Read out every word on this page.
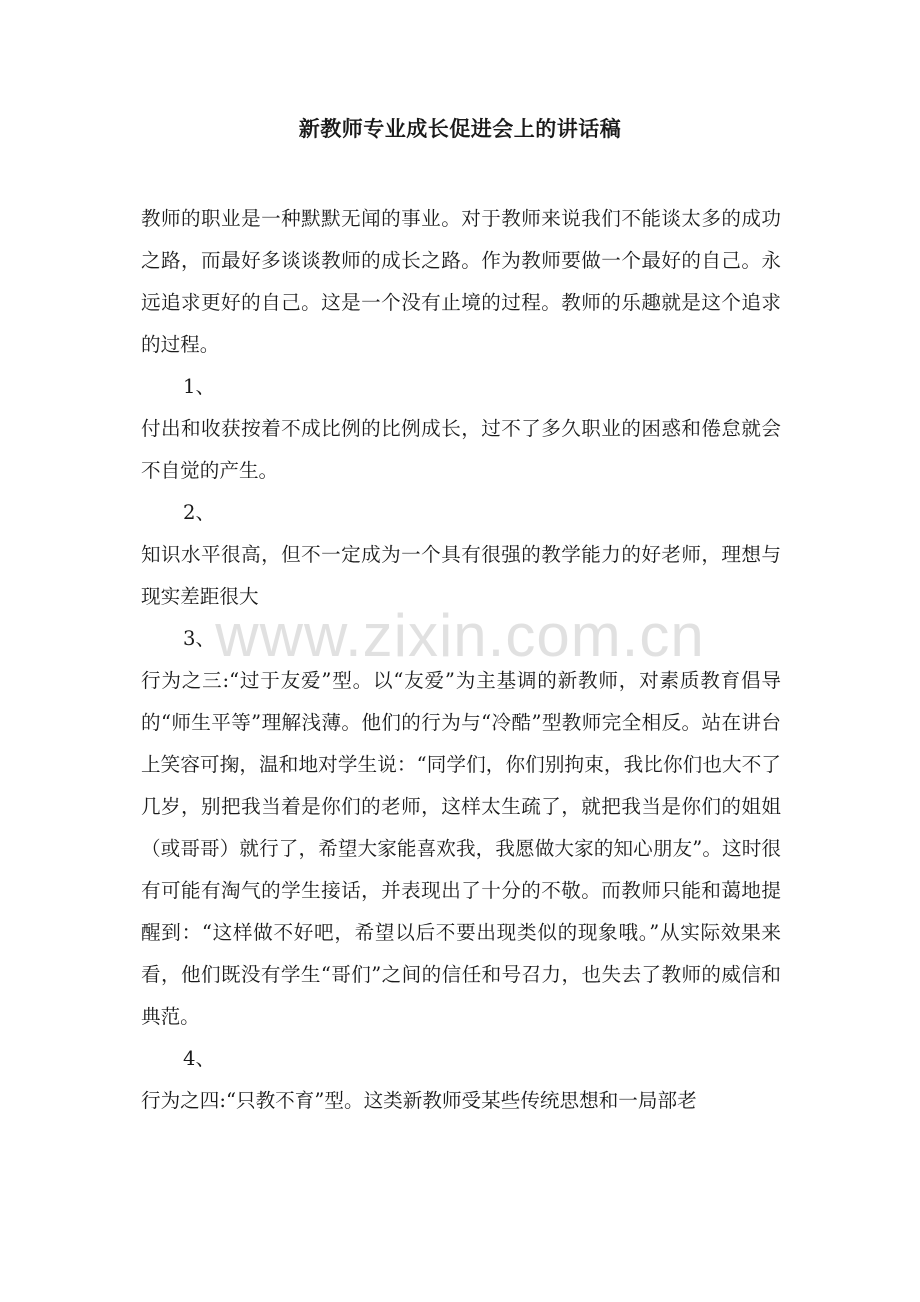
新教师专业成长促进会上的讲话稿

教师的职业是一种默默无闻的事业。对于教师来说我们不能谈太多的成功之路，而最好多谈谈教师的成长之路。作为教师要做一个最好的自己。永远追求更好的自己。这是一个没有止境的过程。教师的乐趣就是这个追求的过程。

1、

付出和收获按着不成比例的比例成长，过不了多久职业的困惑和倦怠就会不自觉的产生。

2、

知识水平很高，但不一定成为一个具有很强的教学能力的好老师，理想与现实差距很大

3、

行为之三:“过于友爱”型。以“友爱”为主基调的新教师，对素质教育倡导的“师生平等”理解浅薄。他们的行为与“冷酷”型教师完全相反。站在讲台上笑容可掬，温和地对学生说：“同学们，你们别拘束，我比你们也大不了几岁，别把我当着是你们的老师，这样太生疏了，就把我当是你们的姐姐（或哥哥）就行了，希望大家能喜欢我，我愿做大家的知心朋友”。这时很有可能有淘气的学生接话，并表现出了十分的不敬。而教师只能和蔼地提醒到：“这样做不好吧，希望以后不要出现类似的现象哦。”从实际效果来看，他们既没有学生“哥们”之间的信任和号召力，也失去了教师的威信和典范。

4、

行为之四:“只教不育”型。这类新教师受某些传统思想和一局部老

www.zixin.com.cn
